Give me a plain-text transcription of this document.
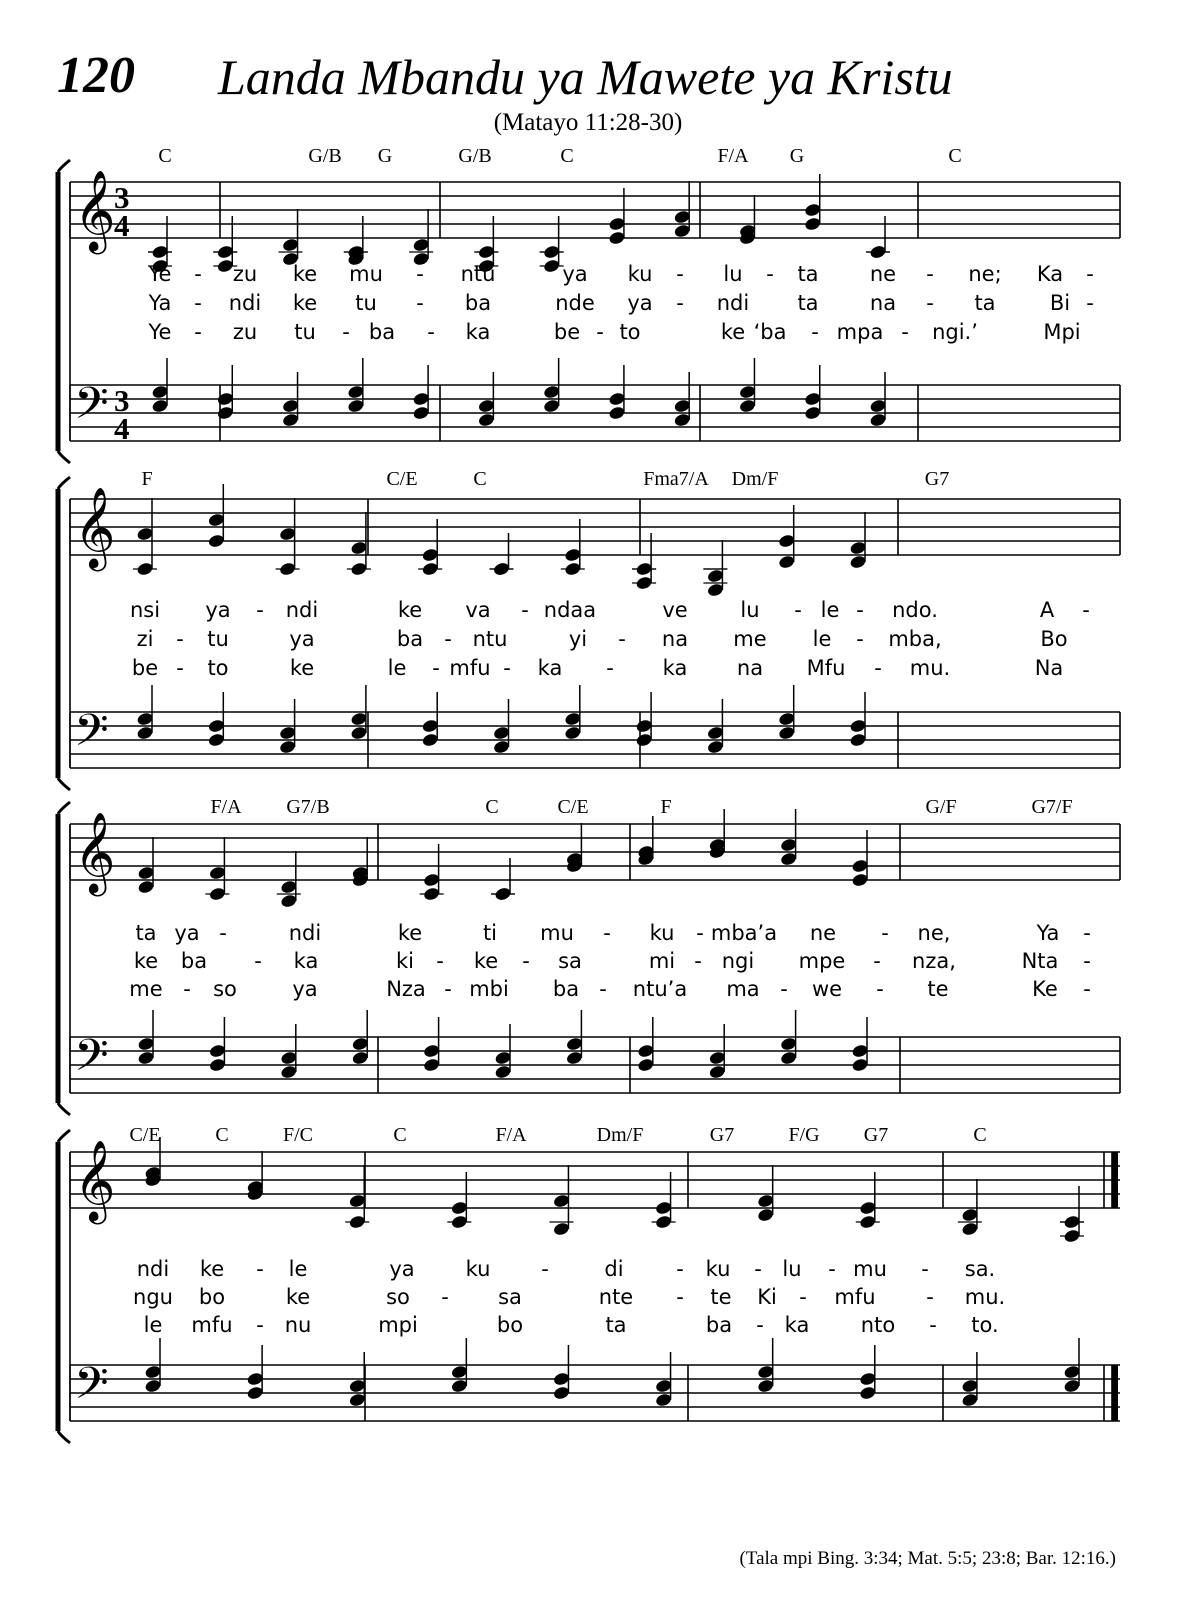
120 Landa Mbandu ya Mawete ya Kristu
(Matayo 11:28-30)
𝄞
3
4
𝄢 3
4
C	G/B G	G/B	C	F/A G	C
Ye - zu ke mu - ntu	ya ku - lu - ta ne - ne; Ka -
Ya - ndi ke tu - ba	nde ya - ndi ta na - ta	Bi -
Ye - zu tu - ba - ka	be - to	ke ‘ba - mpa - ngi.’	Mpi
𝄞
𝄢
F	C/E	C	Fma7/A Dm/F	G7
nsi ya - ndi	ke va - ndaa	ve	lu - le - ndo.	A -
zi - tu	ya	ba - ntu	yi - na me le - mba,	Bo
be - to	ke	le - mfu - ka - ka na Mfu - mu.	Na
𝄞
𝄢
F/A G7/B	C	C/E	F	G/F	G7/F
ta ya -	ndi	ke	ti mu - ku - mba’a ne - ne,	Ya -
ke ba - ka	ki - ke - sa	mi - ngi mpe - nza,	Nta -
me - so	ya	Nza - mbi ba - ntu’a ma - we - te	Ke -
𝄞
𝄢
C/E	C	F/C	C	F/A	Dm/F	G7	F/G G7	C
ndi ke - le	ya ku -	di	- ku - lu - mu - sa.
ngu bo	ke	so - sa	nte - te Ki - mfu - mu.
le mfu - nu	mpi	bo	ta	ba - ka nto - to.
(Tala mpi Bing. 3:34; Mat. 5:5; 23:8; Bar. 12:16.)
